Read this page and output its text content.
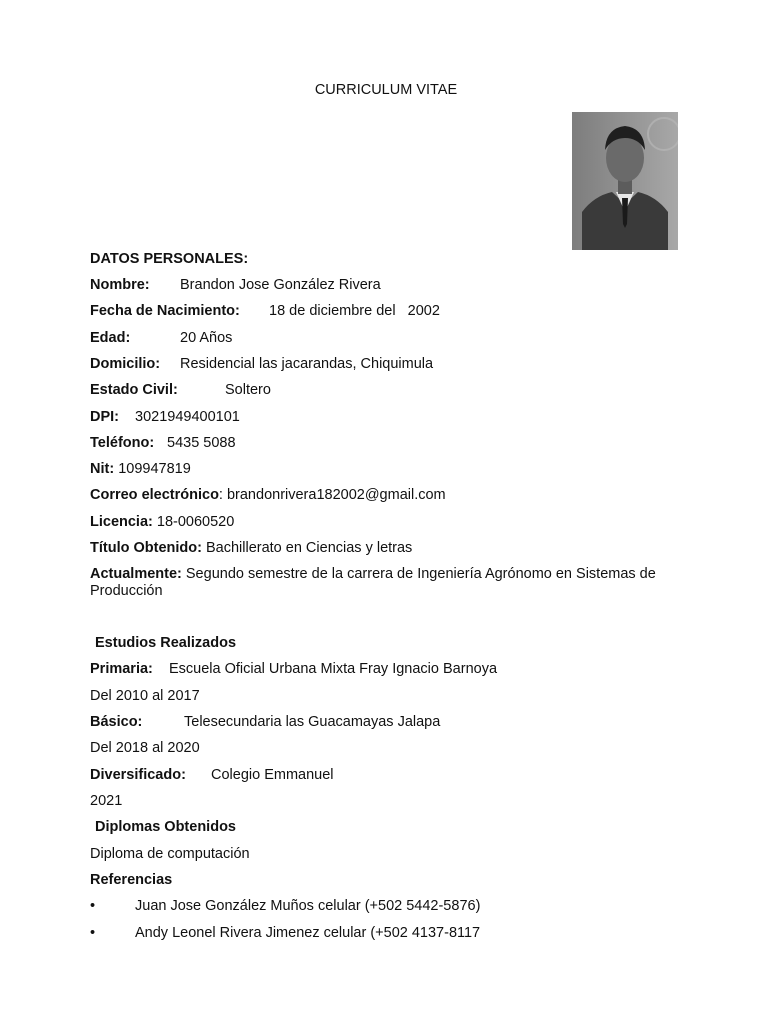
CURRICULUM VITAE
DATOS PERSONALES:
Nombre: Brandon Jose González Rivera
Fecha de Nacimiento: 18 de diciembre del   2002
Edad:	20 Años
Domicilio: Residencial las jacarandas, Chiquimula
Estado Civil:	Soltero
DPI: 3021949400101
Teléfono: 5435 5088
Nit: 109947819
Correo electrónico: brandonrivera182002@gmail.com
Licencia: 18-0060520
Título Obtenido: Bachillerato en Ciencias y letras
Actualmente: Segundo semestre de la carrera de Ingeniería Agrónomo en Sistemas de Producción
Estudios Realizados
Primaria: Escuela Oficial Urbana Mixta Fray Ignacio Barnoya
Del 2010 al 2017
Básico:	Telesecundaria las Guacamayas Jalapa
Del 2018 al 2020
Diversificado: Colegio Emmanuel
2021
Diplomas Obtenidos
Diploma de computación
Referencias
•	Juan Jose González Muños celular (+502 5442-5876)
•	Andy Leonel Rivera Jimenez celular (+502 4137-8117
